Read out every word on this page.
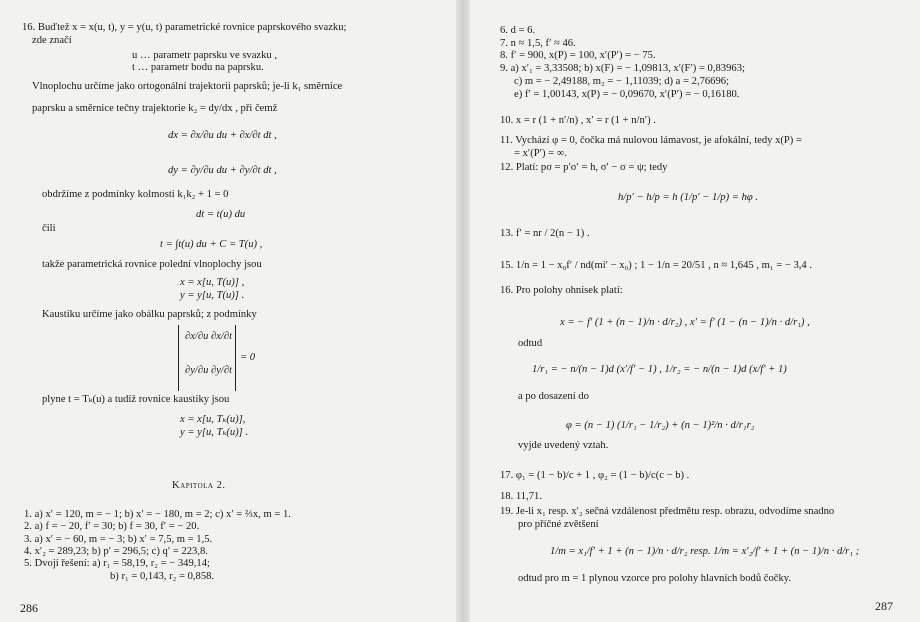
16. Buďtež x = x(u, t), y = y(u, t) parametrické rovnice paprskového svazku;
zde značí
u … parametr paprsku ve svazku ,
t … parametr bodu na paprsku.
Vlnoplochu určíme jako ortogonální trajektorii paprsků; je-li k₁ směrnice
paprsku a směrnice tečny trajektorie k₂ = dy/dx , při čemž
dx = ∂x/∂u du + ∂x/∂t dt ,
dy = ∂y/∂u du + ∂y/∂t dt ,
obdržíme z podmínky kolmosti k₁k₂ + 1 = 0
dt = t(u) du
čili
t = ∫t(u) du + C = T(u) ,
takže parametrická rovnice polední vlnoplochy jsou
x = x[u, T(u)] ,
y = y[u, T(u)] .
Kaustiku určíme jako obálku paprsků; z podmínky
∂x/∂u ∂x/∂t
∂y/∂u ∂y/∂t
= 0
plyne t = Tₖ(u) a tudíž rovnice kaustiky jsou
x = x[u, Tₖ(u)],
y = y[u, Tₖ(u)] .
Kapitola 2.
1. a) x′ = 120, m = − 1; b) x′ = − 180, m = 2; c) x′ = ⅔x, m = 1.
2. a) f = − 20, f′ = 30; b) f = 30, f′ = − 20.
3. a) x′ = − 60, m = − 3; b) x′ = 7,5, m = 1,5.
4. x′₂ = 289,23; b) p′ = 296,5; c) q′ = 223,8.
5. Dvojí řešení: a) r₁ = 58,19, r₂ = − 349,14;
b) r₁ = 0,143, r₂ = 0,858.
286
6. d = 6.
7. n ≈ 1,5, f′ ≈ 46.
8. f′ = 900, x(P) = 100, x′(P′) = − 75.
9. a) x′₁ = 3,33508; b) x(F) = − 1,09813, x′(F′) = 0,83963;
c) m = − 2,49188, m₂ = − 1,11039; d) a = 2,76696;
e) f′ = 1,00143, x(P) = − 0,09670, x′(P′) = − 0,16180.
10. x = r (1 + n′/n) , x′ = r (1 + n/n′) .
11. Vychází φ = 0, čočka má nulovou lámavost, je afokální, tedy x(P) =
= x′(P′) = ∞.
12. Platí: pσ = p′σ′ = h, σ′ − σ = ψ; tedy
h/p′ − h/p = h (1/p′ − 1/p) = hφ .
13. f′ = nr / 2(n − 1) .
15. 1/n = 1 − x₀f′ / nd(mi′ − x₀) ; 1 − 1/n = 20/51 , n ≈ 1,645 , m₁ = − 3,4 .
16. Pro polohy ohnisek platí:
x = − f′ (1 + (n − 1)/n · d/r₂) , x′ = f′ (1 − (n − 1)/n · d/r₁) ,
odtud
1/r₁ = − n/(n − 1)d (x′/f′ − 1) , 1/r₂ = − n/(n − 1)d (x/f′ + 1)
a po dosazení do
φ = (n − 1) (1/r₁ − 1/r₂) + (n − 1)²/n · d/r₁r₂
vyjde uvedený vztah.
17. φ₁ = (1 − b)/c + 1 , φ₂ = (1 − b)/c(c − b) .
18. 11,71.
19. Je-li x₁ resp. x′₂ sečná vzdálenost předmětu resp. obrazu, odvodíme snadno
pro příčné zvětšení
1/m = x₁/f′ + 1 + (n − 1)/n · d/r₂ resp. 1/m = x′₂/f′ + 1 + (n − 1)/n · d/r₁ ;
odtud pro m = 1 plynou vzorce pro polohy hlavních bodů čočky.
287
